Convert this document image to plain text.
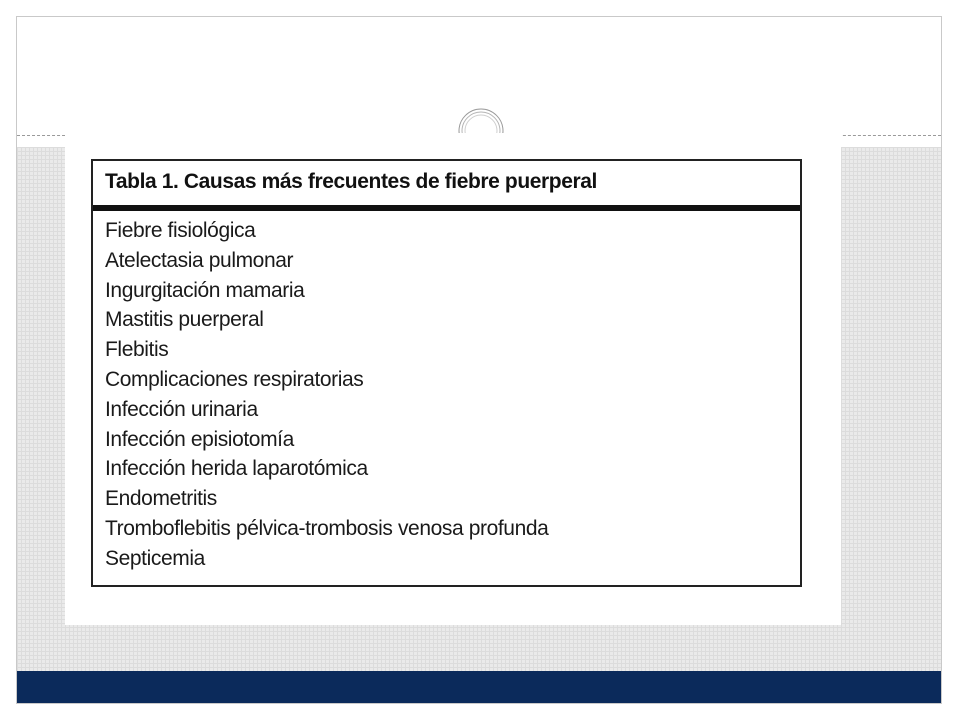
Tabla 1. Causas más frecuentes de fiebre puerperal
Fiebre fisiológica
Atelectasia pulmonar
Ingurgitación mamaria
Mastitis puerperal
Flebitis
Complicaciones respiratorias
Infección urinaria
Infección episiotomía
Infección herida laparotómica
Endometritis
Tromboflebitis pélvica-trombosis venosa profunda
Septicemia
